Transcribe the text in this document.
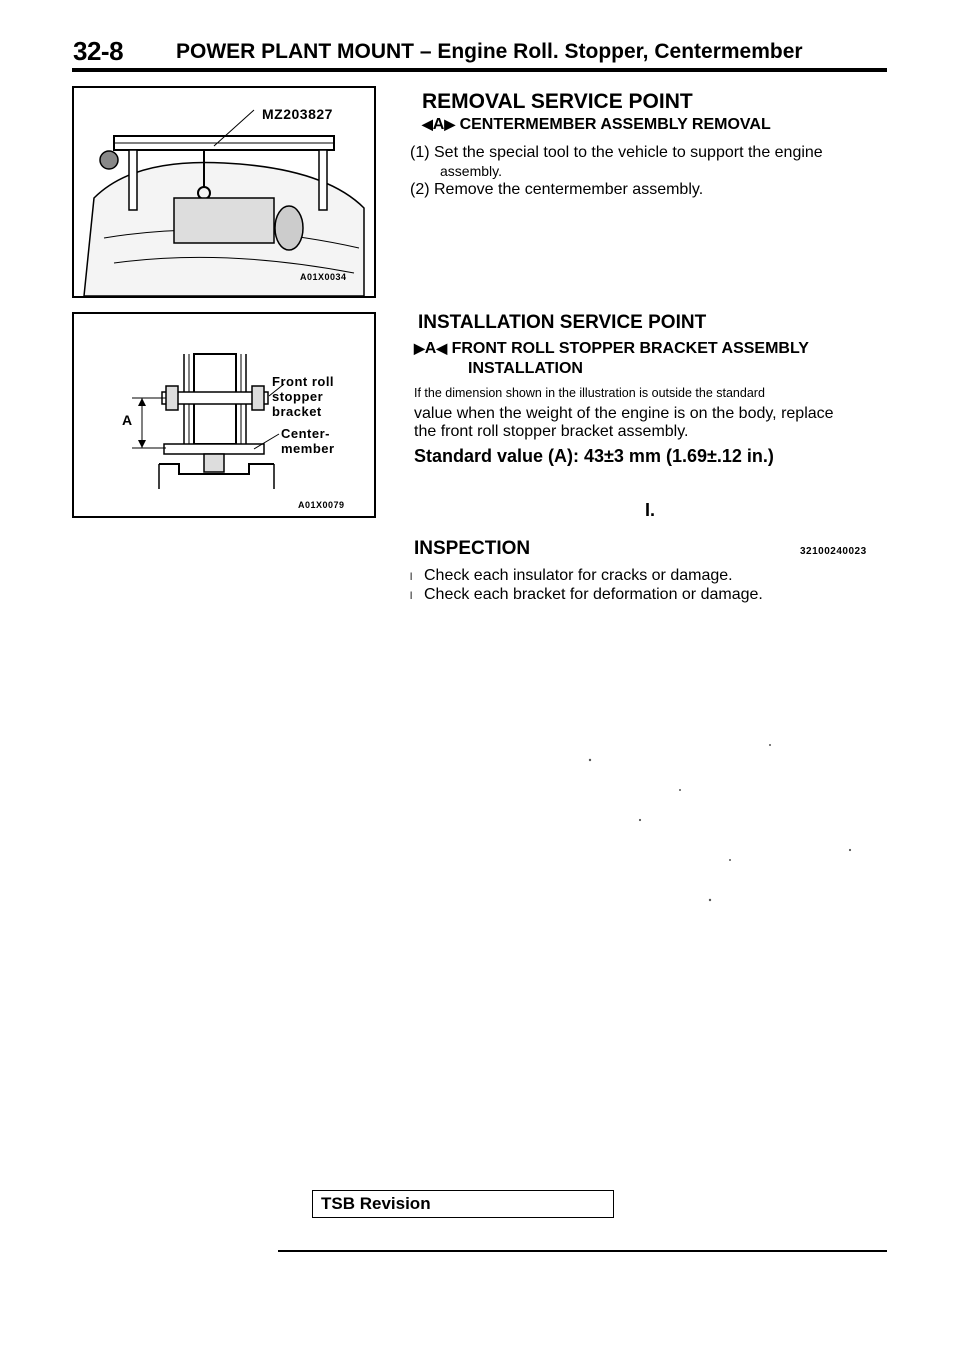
32-8	POWER PLANT MOUNT – Engine Roll. Stopper, Centermember
MZ203827
A01X0034
A
Front roll
stopper
bracket
Center-
member
A01X0079
REMOVAL SERVICE POINT
◀A▶ CENTERMEMBER ASSEMBLY REMOVAL
(1) Set the special tool to the vehicle to support the engine
assembly.
(2) Remove the centermember assembly.
INSTALLATION SERVICE POINT
▶A◀ FRONT ROLL STOPPER BRACKET ASSEMBLY
INSTALLATION
If the dimension shown in the illustration is outside the standard
value when the weight of the engine is on the body, replace
the front roll stopper bracket assembly.
Standard value (A): 43±3 mm (1.69±.12 in.)
I.
INSPECTION	32100240023
l Check each insulator for cracks or damage.
l Check each bracket for deformation or damage.
TSB Revision
